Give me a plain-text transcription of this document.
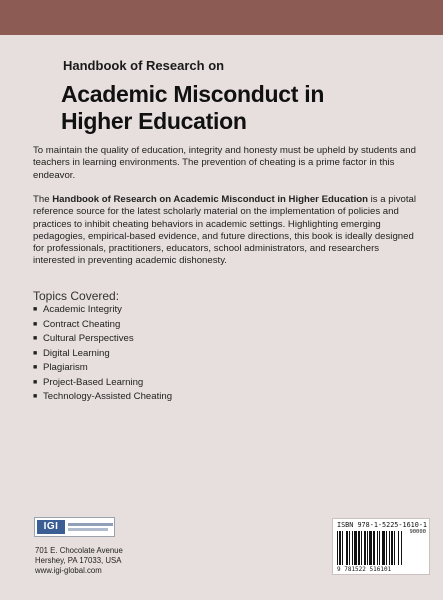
Handbook of Research on
Academic Misconduct in Higher Education
To maintain the quality of education, integrity and honesty must be upheld by students and teachers in learning environments. The prevention of cheating is a prime factor in this endeavor.
The Handbook of Research on Academic Misconduct in Higher Education is a pivotal reference source for the latest scholarly material on the implementation of policies and practices to inhibit cheating behaviors in academic settings. Highlighting emerging pedagogies, empirical-based evidence, and future directions, this book is ideally designed for professionals, practitioners, educators, school administrators, and researchers interested in preventing academic dishonesty.
Topics Covered:
■ Academic Integrity
■ Contract Cheating
■ Cultural Perspectives
■ Digital Learning
■ Plagiarism
■ Project-Based Learning
■ Technology-Assisted Cheating
IGI
701 E. Chocolate Avenue
Hershey, PA 17033, USA
www.igi-global.com
ISBN 978-1-5225-1610-1
90000
9 781522 516101
